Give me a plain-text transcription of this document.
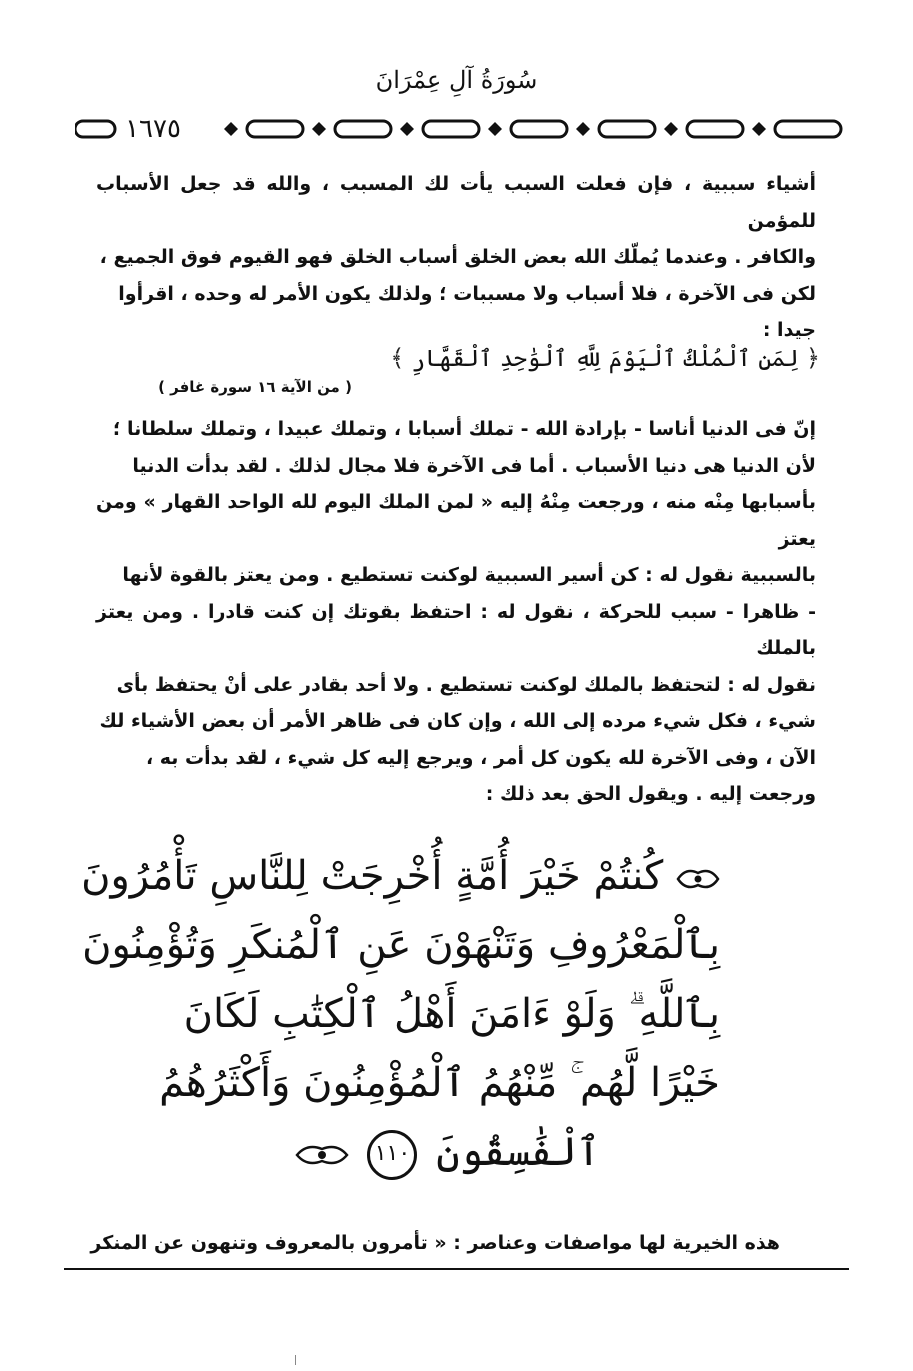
سُورَةُ آلِ عِمْرَانَ
١٦٧٥
أشياء سببية ، فإن فعلت السبب يأت لك المسبب ، والله قد جعل الأسباب للمؤمن
والكافر . وعندما يُملّك الله بعض الخلق أسباب الخلق فهو القيوم فوق الجميع ،
لكن فى الآخرة ، فلا أسباب ولا مسببات ؛ ولذلك يكون الأمر له وحده ، اقرأوا
جيدا :
﴿ لِمَنِ ٱلْمُلْكُ ٱلْيَوْمَ لِلَّهِ ٱلْوَٰحِدِ ٱلْقَهَّارِ ﴾
( من الآية ١٦ سورة غافر )
إنّ فى الدنيا أناسا - بإرادة الله - تملك أسبابا ، وتملك عبيدا ، وتملك سلطانا ؛
لأن الدنيا هى دنيا الأسباب . أما فى الآخرة فلا مجال لذلك . لقد بدأت الدنيا
بأسبابها مِنْه منه ، ورجعت مِنْهُ إليه « لمن الملك اليوم لله الواحد القهار » ومن يعتز
بالسببية نقول له : كن أسير السببية لوكنت تستطيع . ومن يعتز بالقوة لأنها
- ظاهرا - سبب للحركة ، نقول له : احتفظ بقوتك إن كنت قادرا . ومن يعتز بالملك
نقول له : لتحتفظ بالملك لوكنت تستطيع . ولا أحد بقادر على أنْ يحتفظ بأى
شيء ، فكل شيء مرده إلى الله ، وإن كان فى ظاهر الأمر أن بعض الأشياء لك
الآن ، وفى الآخرة لله يكون كل أمر ، ويرجع إليه كل شيء ، لقد بدأت به ،
ورجعت إليه . ويقول الحق بعد ذلك :
كُنتُمْ خَيْرَ أُمَّةٍ أُخْرِجَتْ لِلنَّاسِ تَأْمُرُونَ
بِٱلْمَعْرُوفِ وَتَنْهَوْنَ عَنِ ٱلْمُنكَرِ وَتُؤْمِنُونَ
بِٱللَّهِ ۗ وَلَوْ ءَامَنَ أَهْلُ ٱلْكِتَٰبِ لَكَانَ
خَيْرًا لَّهُم ۚ مِّنْهُمُ ٱلْمُؤْمِنُونَ وَأَكْثَرُهُمُ
ٱلْفَٰسِقُونَ ١١٠
هذه الخيرية لها مواصفات وعناصر : « تأمرون بالمعروف وتنهون عن المنكر
